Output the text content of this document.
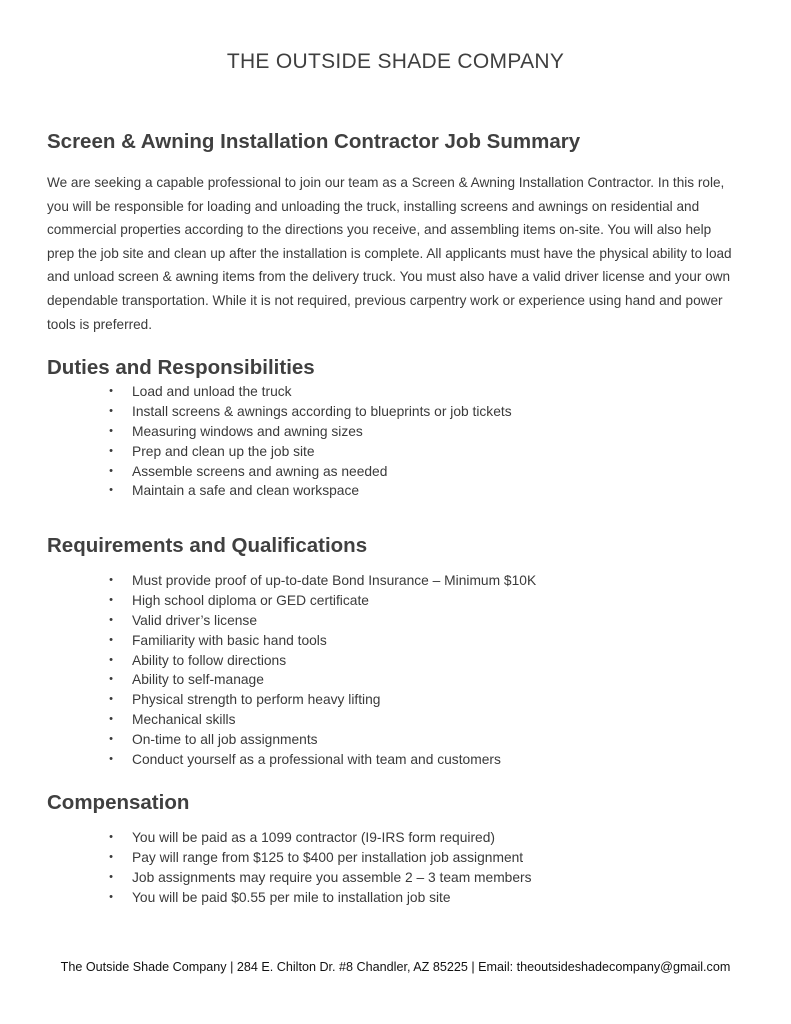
THE OUTSIDE SHADE COMPANY
Screen & Awning Installation Contractor Job Summary

We are seeking a capable professional to join our team as a Screen & Awning Installation Contractor. In this role, you will be responsible for loading and unloading the truck, installing screens and awnings on residential and commercial properties according to the directions you receive, and assembling items on-site. You will also help prep the job site and clean up after the installation is complete. All applicants must have the physical ability to load and unload screen & awning items from the delivery truck. You must also have a valid driver license and your own dependable transportation. While it is not required, previous carpentry work or experience using hand and power tools is preferred.

Duties and Responsibilities
• Load and unload the truck
• Install screens & awnings according to blueprints or job tickets
• Measuring windows and awning sizes
• Prep and clean up the job site
• Assemble screens and awning as needed
• Maintain a safe and clean workspace
Requirements and Qualifications
• Must provide proof of up-to-date Bond Insurance – Minimum $10K
• High school diploma or GED certificate
• Valid driver’s license
• Familiarity with basic hand tools
• Ability to follow directions
• Ability to self-manage
• Physical strength to perform heavy lifting
• Mechanical skills
• On-time to all job assignments
• Conduct yourself as a professional with team and customers
Compensation
• You will be paid as a 1099 contractor (I9-IRS form required)
• Pay will range from $125 to $400 per installation job assignment
• Job assignments may require you assemble 2 – 3 team members
• You will be paid $0.55 per mile to installation job site
The Outside Shade Company | 284 E. Chilton Dr. #8 Chandler, AZ 85225 | Email: theoutsideshadecompany@gmail.com
